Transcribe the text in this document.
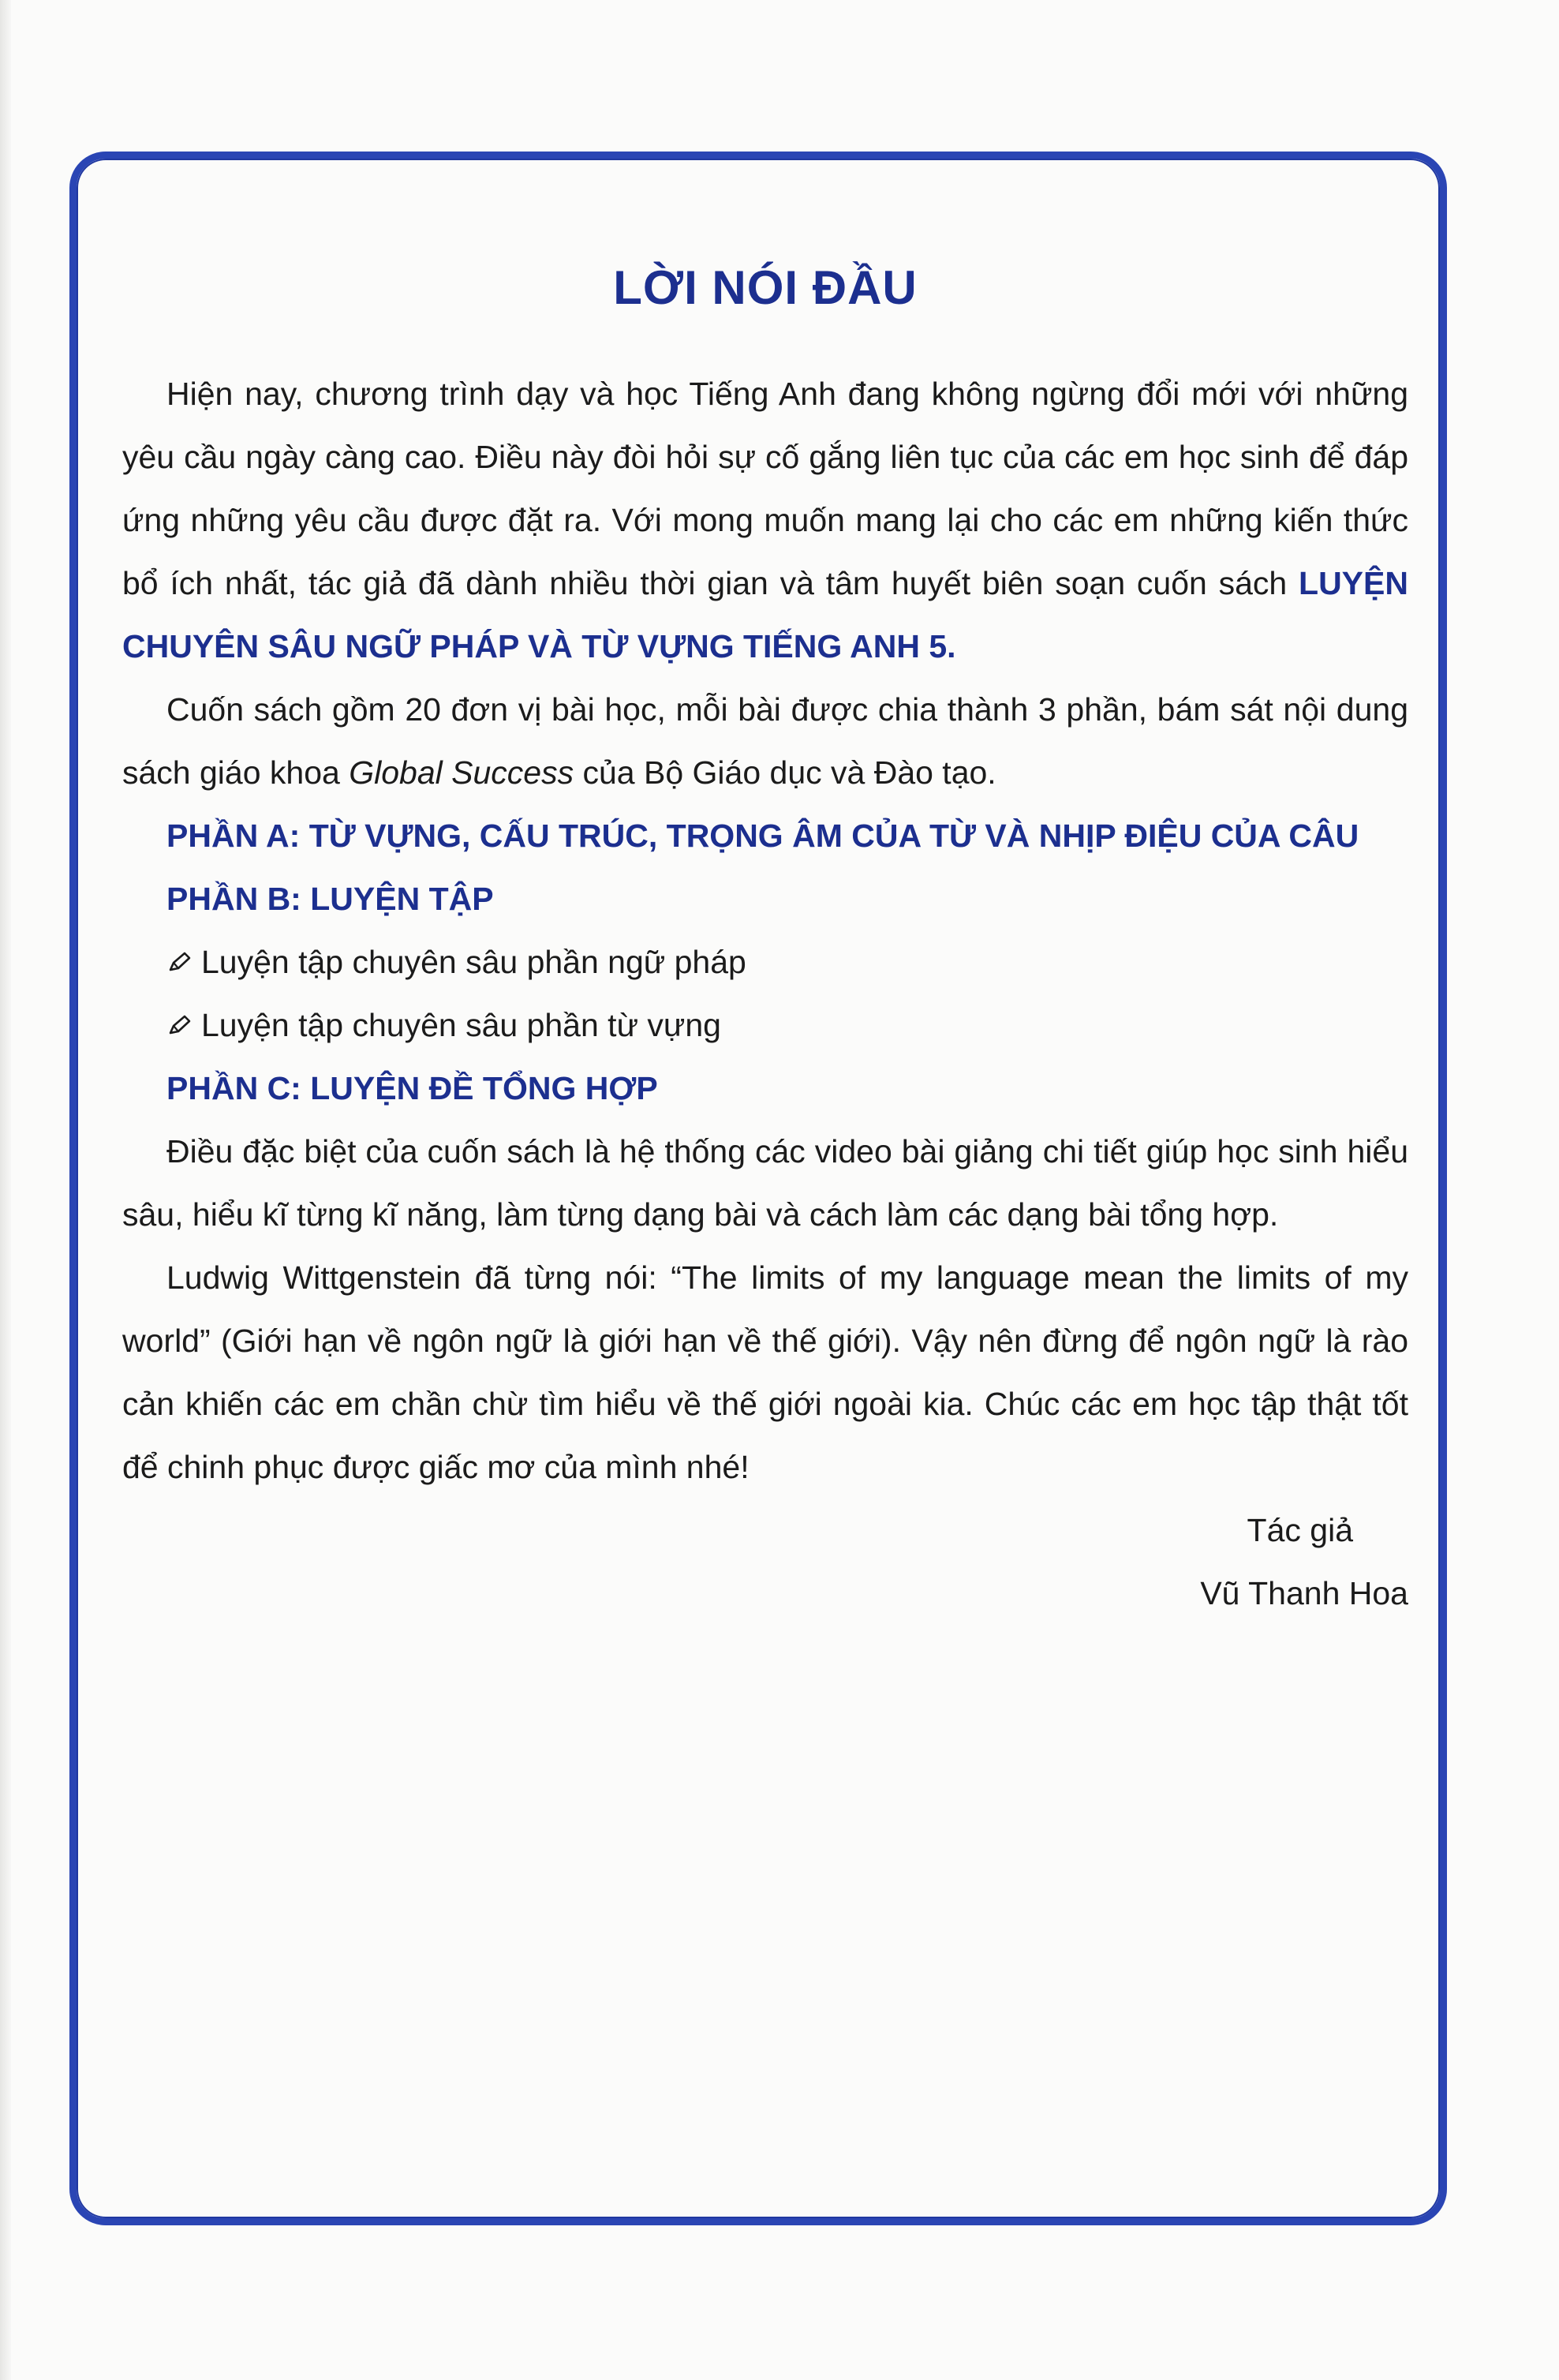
LỜI NÓI ĐẦU

Hiện nay, chương trình dạy và học Tiếng Anh đang không ngừng đổi mới với những yêu cầu ngày càng cao. Điều này đòi hỏi sự cố gắng liên tục của các em học sinh để đáp ứng những yêu cầu được đặt ra. Với mong muốn mang lại cho các em những kiến thức bổ ích nhất, tác giả đã dành nhiều thời gian và tâm huyết biên soạn cuốn sách LUYỆN CHUYÊN SÂU NGỮ PHÁP VÀ TỪ VỰNG TIẾNG ANH 5.

Cuốn sách gồm 20 đơn vị bài học, mỗi bài được chia thành 3 phần, bám sát nội dung sách giáo khoa Global Success của Bộ Giáo dục và Đào tạo.

PHẦN A: TỪ VỰNG, CẤU TRÚC, TRỌNG ÂM CỦA TỪ VÀ NHỊP ĐIỆU CỦA CÂU

PHẦN B: LUYỆN TẬP

Luyện tập chuyên sâu phần ngữ pháp

Luyện tập chuyên sâu phần từ vựng

PHẦN C: LUYỆN ĐỀ TỔNG HỢP

Điều đặc biệt của cuốn sách là hệ thống các video bài giảng chi tiết giúp học sinh hiểu sâu, hiểu kĩ từng kĩ năng, làm từng dạng bài và cách làm các dạng bài tổng hợp.

Ludwig Wittgenstein đã từng nói: “The limits of my language mean the limits of my world” (Giới hạn về ngôn ngữ là giới hạn về thế giới). Vậy nên đừng để ngôn ngữ là rào cản khiến các em chần chừ tìm hiểu về thế giới ngoài kia. Chúc các em học tập thật tốt để chinh phục được giấc mơ của mình nhé!

Tác giả

Vũ Thanh Hoa
